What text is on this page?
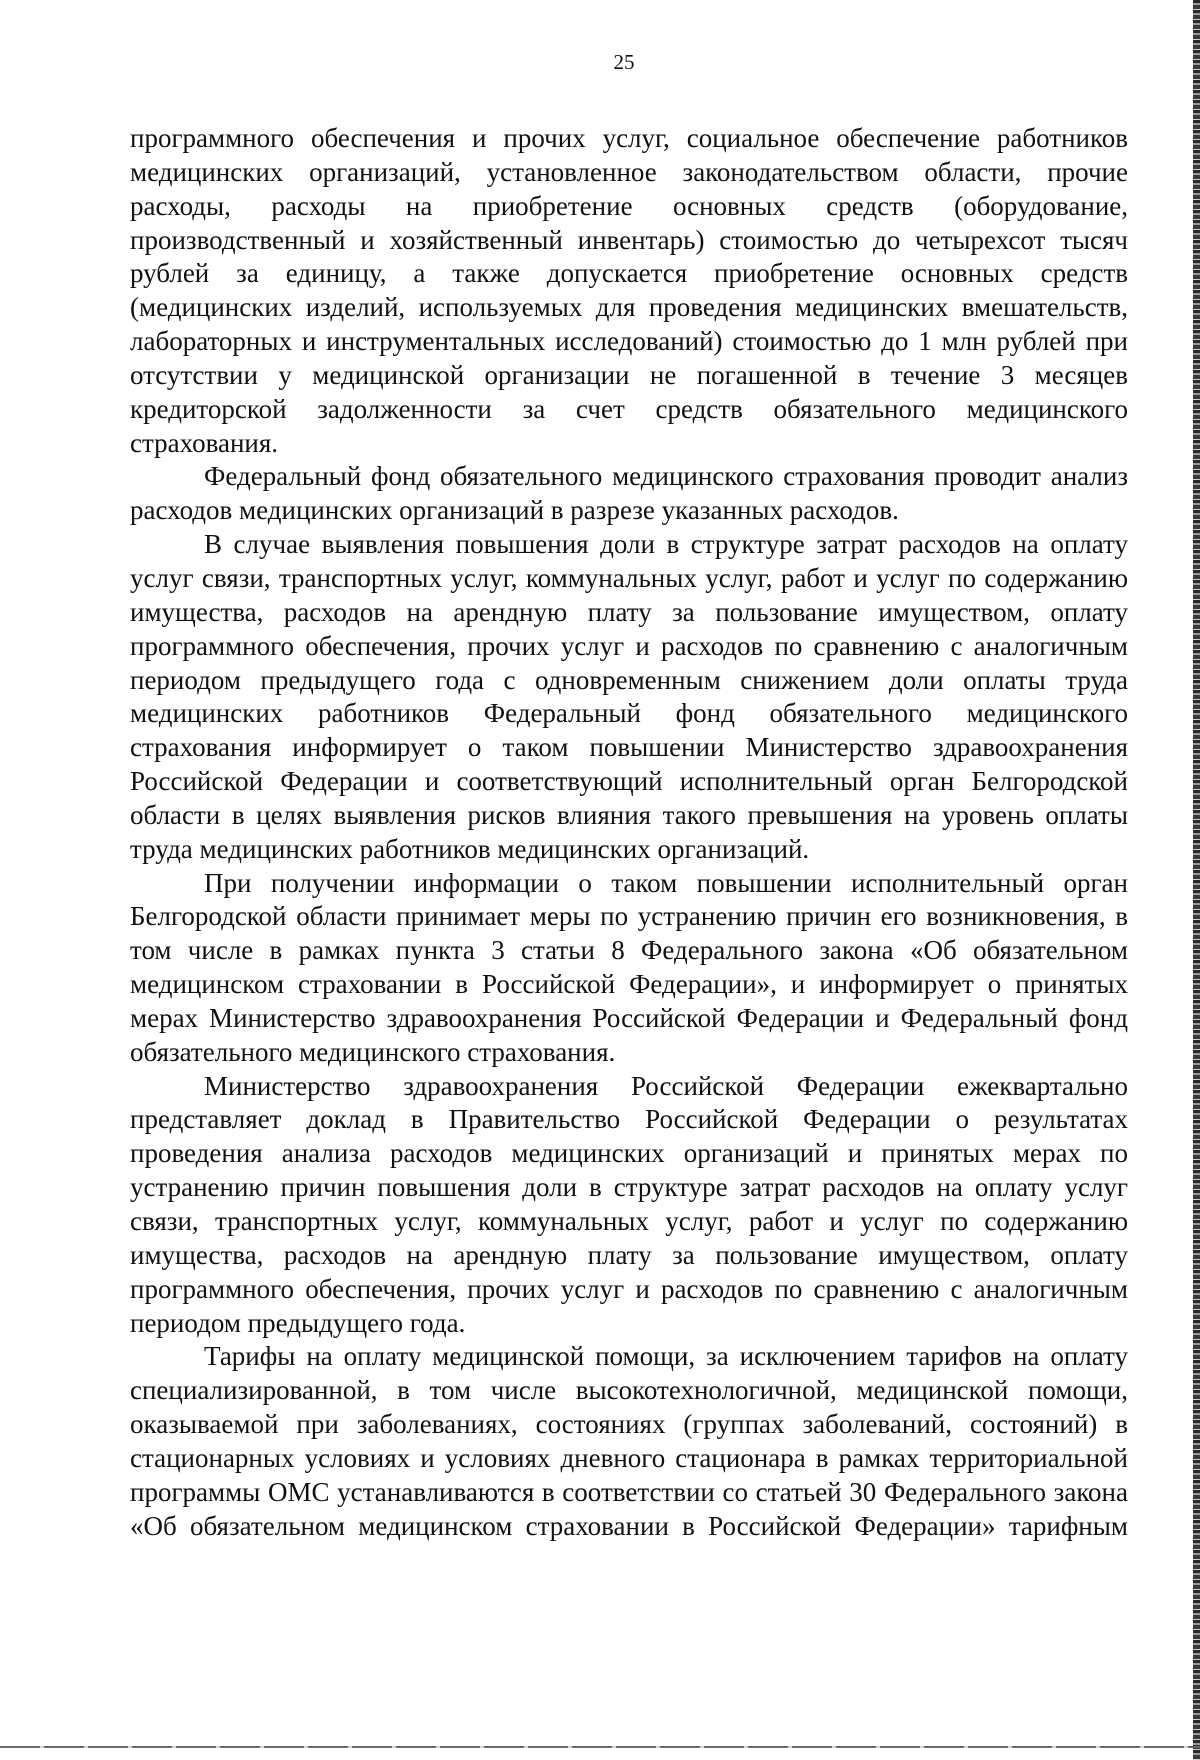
25

программного обеспечения и прочих услуг, социальное обеспечение работников медицинских организаций, установленное законодательством области, прочие расходы, расходы на приобретение основных средств (оборудование, производственный и хозяйственный инвентарь) стоимостью до четырехсот тысяч рублей за единицу, а также допускается приобретение основных средств (медицинских изделий, используемых для проведения медицинских вмешательств, лабораторных и инструментальных исследований) стоимостью до 1 млн рублей при отсутствии у медицинской организации не погашенной в течение 3 месяцев кредиторской задолженности за счет средств обязательного медицинского страхования.

Федеральный фонд обязательного медицинского страхования проводит анализ расходов медицинских организаций в разрезе указанных расходов.

В случае выявления повышения доли в структуре затрат расходов на оплату услуг связи, транспортных услуг, коммунальных услуг, работ и услуг по содержанию имущества, расходов на арендную плату за пользование имуществом, оплату программного обеспечения, прочих услуг и расходов по сравнению с аналогичным периодом предыдущего года с одновременным снижением доли оплаты труда медицинских работников Федеральный фонд обязательного медицинского страхования информирует о таком повышении Министерство здравоохранения Российской Федерации и соответствующий исполнительный орган Белгородской области в целях выявления рисков влияния такого превышения на уровень оплаты труда медицинских работников медицинских организаций.

При получении информации о таком повышении исполнительный орган Белгородской области принимает меры по устранению причин его возникновения, в том числе в рамках пункта 3 статьи 8 Федерального закона «Об обязательном медицинском страховании в Российской Федерации», и информирует о принятых мерах Министерство здравоохранения Российской Федерации и Федеральный фонд обязательного медицинского страхования.

Министерство здравоохранения Российской Федерации ежеквартально представляет доклад в Правительство Российской Федерации о результатах проведения анализа расходов медицинских организаций и принятых мерах по устранению причин повышения доли в структуре затрат расходов на оплату услуг связи, транспортных услуг, коммунальных услуг, работ и услуг по содержанию имущества, расходов на арендную плату за пользование имуществом, оплату программного обеспечения, прочих услуг и расходов по сравнению с аналогичным периодом предыдущего года.

Тарифы на оплату медицинской помощи, за исключением тарифов на оплату специализированной, в том числе высокотехнологичной, медицинской помощи, оказываемой при заболеваниях, состояниях (группах заболеваний, состояний) в стационарных условиях и условиях дневного стационара в рамках территориальной программы ОМС устанавливаются в соответствии со статьей 30 Федерального закона «Об обязательном медицинском страховании в Российской Федерации» тарифным
